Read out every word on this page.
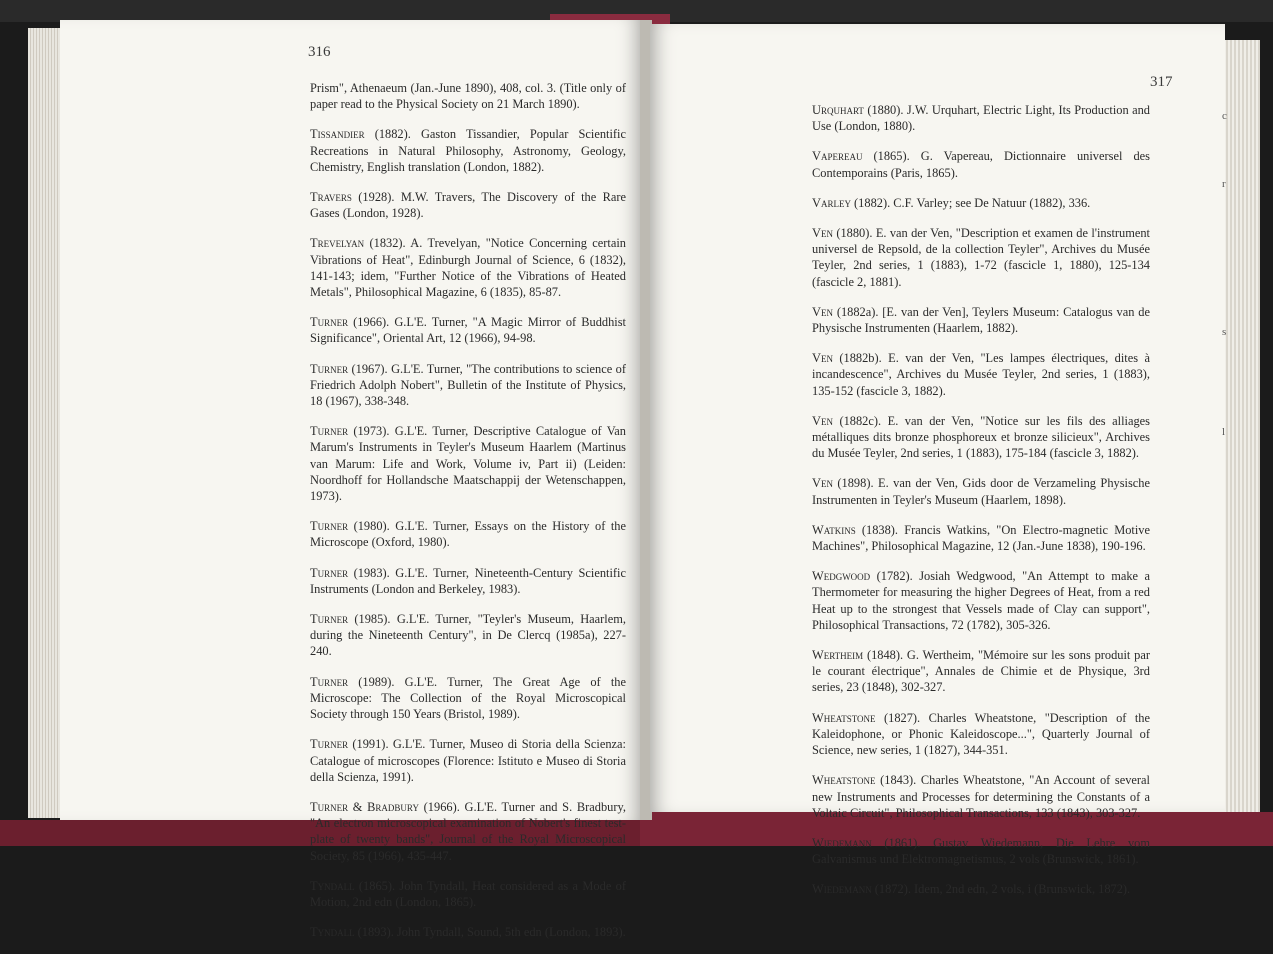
316

Prism", Athenaeum (Jan.-June 1890), 408, col. 3. (Title only of paper read to the Physical Society on 21 March 1890).

Tissandier (1882). Gaston Tissandier, Popular Scientific Recreations in Natural Philosophy, Astronomy, Geology, Chemistry, English translation (London, 1882).

Travers (1928). M.W. Travers, The Discovery of the Rare Gases (London, 1928).

Trevelyan (1832). A. Trevelyan, "Notice Concerning certain Vibrations of Heat", Edinburgh Journal of Science, 6 (1832), 141-143; idem, "Further Notice of the Vibrations of Heated Metals", Philosophical Magazine, 6 (1835), 85-87.

Turner (1966). G.L'E. Turner, "A Magic Mirror of Buddhist Significance", Oriental Art, 12 (1966), 94-98.

Turner (1967). G.L'E. Turner, "The contributions to science of Friedrich Adolph Nobert", Bulletin of the Institute of Physics, 18 (1967), 338-348.

Turner (1973). G.L'E. Turner, Descriptive Catalogue of Van Marum's Instruments in Teyler's Museum Haarlem (Martinus van Marum: Life and Work, Volume iv, Part ii) (Leiden: Noordhoff for Hollandsche Maatschappij der Wetenschappen, 1973).

Turner (1980). G.L'E. Turner, Essays on the History of the Microscope (Oxford, 1980).

Turner (1983). G.L'E. Turner, Nineteenth-Century Scientific Instruments (London and Berkeley, 1983).

Turner (1985). G.L'E. Turner, "Teyler's Museum, Haarlem, during the Nineteenth Century", in De Clercq (1985a), 227-240.

Turner (1989). G.L'E. Turner, The Great Age of the Microscope: The Collection of the Royal Microscopical Society through 150 Years (Bristol, 1989).

Turner (1991). G.L'E. Turner, Museo di Storia della Scienza: Catalogue of microscopes (Florence: Istituto e Museo di Storia della Scienza, 1991).

Turner & Bradbury (1966). G.L'E. Turner and S. Bradbury, "An electron microscopical examination of Nobert's finest test-plate of twenty bands", Journal of the Royal Microscopical Society, 85 (1966), 435-447.

Tyndall (1865). John Tyndall, Heat considered as a Mode of Motion, 2nd edn (London, 1865).

Tyndall (1893). John Tyndall, Sound, 5th edn (London, 1893).

317

Urquhart (1880). J.W. Urquhart, Electric Light, Its Production and Use (London, 1880).

Vapereau (1865). G. Vapereau, Dictionnaire universel des Contemporains (Paris, 1865).

Varley (1882). C.F. Varley; see De Natuur (1882), 336.

Ven (1880). E. van der Ven, "Description et examen de l'instrument universel de Repsold, de la collection Teyler", Archives du Musée Teyler, 2nd series, 1 (1883), 1-72 (fascicle 1, 1880), 125-134 (fascicle 2, 1881).

Ven (1882a). [E. van der Ven], Teylers Museum: Catalogus van de Physische Instrumenten (Haarlem, 1882).

Ven (1882b). E. van der Ven, "Les lampes électriques, dites à incandescence", Archives du Musée Teyler, 2nd series, 1 (1883), 135-152 (fascicle 3, 1882).

Ven (1882c). E. van der Ven, "Notice sur les fils des alliages métalliques dits bronze phosphoreux et bronze silicieux", Archives du Musée Teyler, 2nd series, 1 (1883), 175-184 (fascicle 3, 1882).

Ven (1898). E. van der Ven, Gids door de Verzameling Physische Instrumenten in Teyler's Museum (Haarlem, 1898).

Watkins (1838). Francis Watkins, "On Electro-magnetic Motive Machines", Philosophical Magazine, 12 (Jan.-June 1838), 190-196.

Wedgwood (1782). Josiah Wedgwood, "An Attempt to make a Thermometer for measuring the higher Degrees of Heat, from a red Heat up to the strongest that Vessels made of Clay can support", Philosophical Transactions, 72 (1782), 305-326.

Wertheim (1848). G. Wertheim, "Mémoire sur les sons produit par le courant électrique", Annales de Chimie et de Physique, 3rd series, 23 (1848), 302-327.

Wheatstone (1827). Charles Wheatstone, "Description of the Kaleidophone, or Phonic Kaleidoscope...", Quarterly Journal of Science, new series, 1 (1827), 344-351.

Wheatstone (1843). Charles Wheatstone, "An Account of several new Instruments and Processes for determining the Constants of a Voltaic Circuit", Philosophical Transactions, 133 (1843), 303-327.

Wiedemann (1861). Gustav Wiedemann, Die Lehre vom Galvanismus und Elektromagnetismus, 2 vols (Brunswick, 1861).

Wiedemann (1872). Idem, 2nd edn, 2 vols, i (Brunswick, 1872).

c
r
s
l
